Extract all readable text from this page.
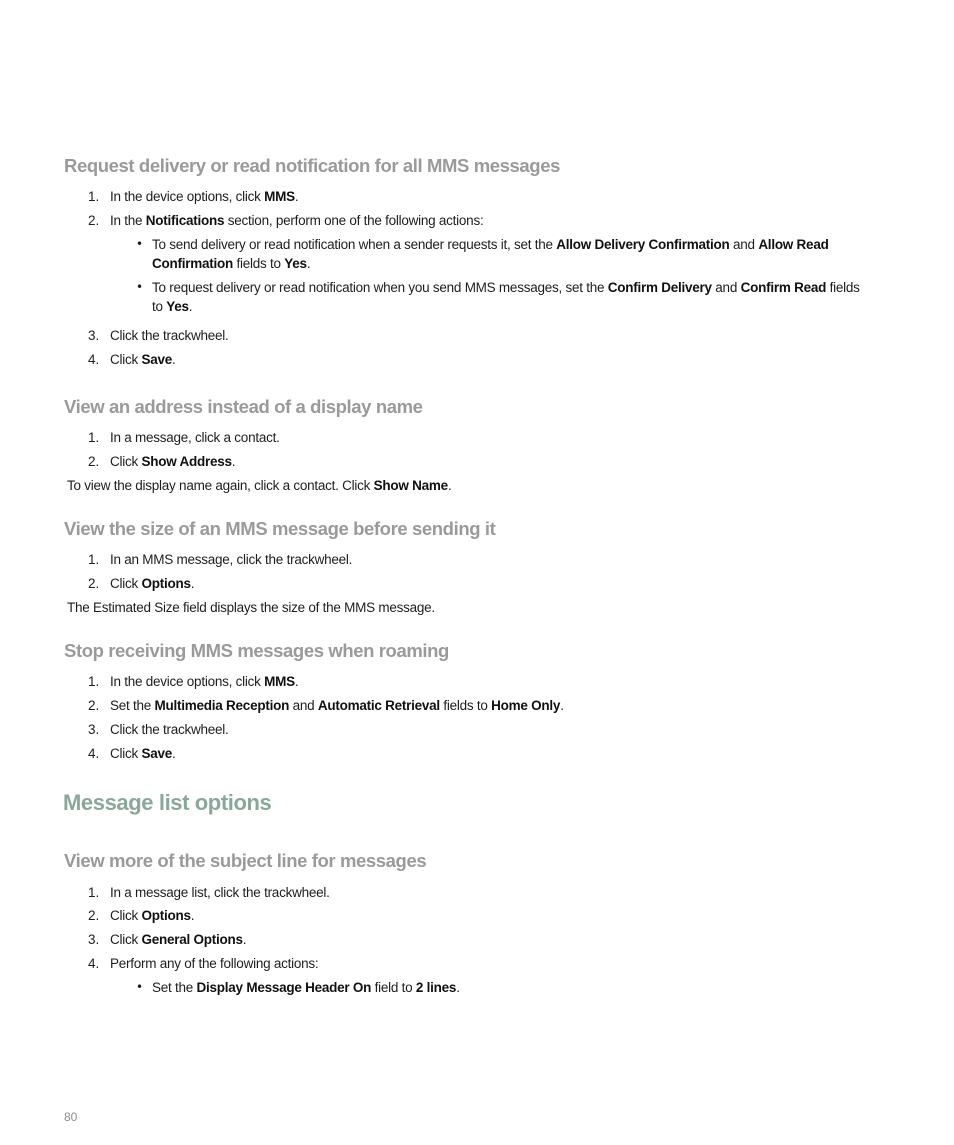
Request delivery or read notification for all MMS messages
1. In the device options, click MMS.
2. In the Notifications section, perform one of the following actions:
• To send delivery or read notification when a sender requests it, set the Allow Delivery Confirmation and Allow Read
Confirmation fields to Yes.
• To request delivery or read notification when you send MMS messages, set the Confirm Delivery and Confirm Read fields
to Yes.
3. Click the trackwheel.
4. Click Save.
View an address instead of a display name
1. In a message, click a contact.
2. Click Show Address.
To view the display name again, click a contact. Click Show Name.
View the size of an MMS message before sending it
1. In an MMS message, click the trackwheel.
2. Click Options.
The Estimated Size field displays the size of the MMS message.
Stop receiving MMS messages when roaming
1. In the device options, click MMS.
2. Set the Multimedia Reception and Automatic Retrieval fields to Home Only.
3. Click the trackwheel.
4. Click Save.
Message list options
View more of the subject line for messages
1. In a message list, click the trackwheel.
2. Click Options.
3. Click General Options.
4. Perform any of the following actions:
• Set the Display Message Header On field to 2 lines.
80
